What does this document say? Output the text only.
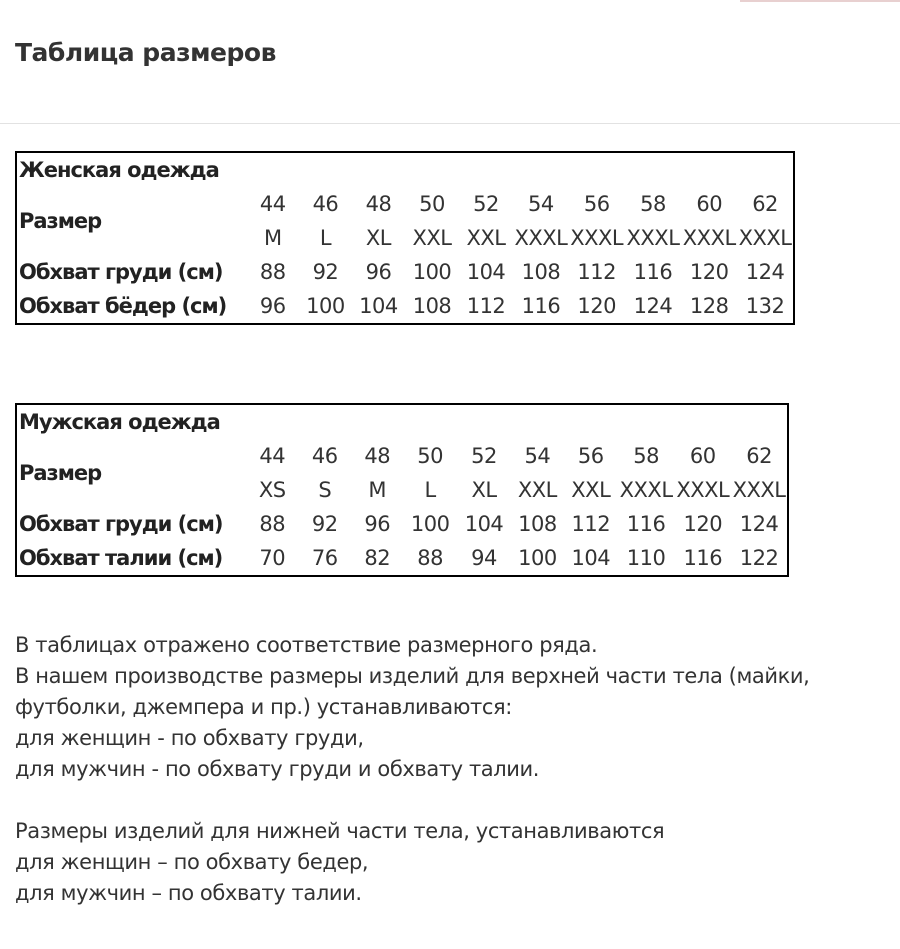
Таблица размеров
Женская одежда										
Размер	44	46	48	50	52	54	56	58	60	62
	M	L	XL	XXL	XXL	XXXL	XXXL	XXXL	XXXL	XXXL
Обхват груди (см)	88	92	96	100	104	108	112	116	120	124
Обхват бёдер (см)	96	100	104	108	112	116	120	124	128	132
Мужская одежда										
Размер	44	46	48	50	52	54	56	58	60	62
	XS	S	M	L	XL	XXL	XXL	XXXL	XXXL	XXXL
Обхват груди (см)	88	92	96	100	104	108	112	116	120	124
Обхват талии (см)	70	76	82	88	94	100	104	110	116	122

В таблицах отражено соответствие размерного ряда.

В нашем производстве размеры изделий для верхней части тела (майки, футболки, джемпера и пр.) устанавливаются:

для женщин - по обхвату груди,

для мужчин - по обхвату груди и обхвату талии.

Размеры изделий для нижней части тела, устанавливаются

для женщин – по обхвату бедер,

для мужчин – по обхвату талии.
